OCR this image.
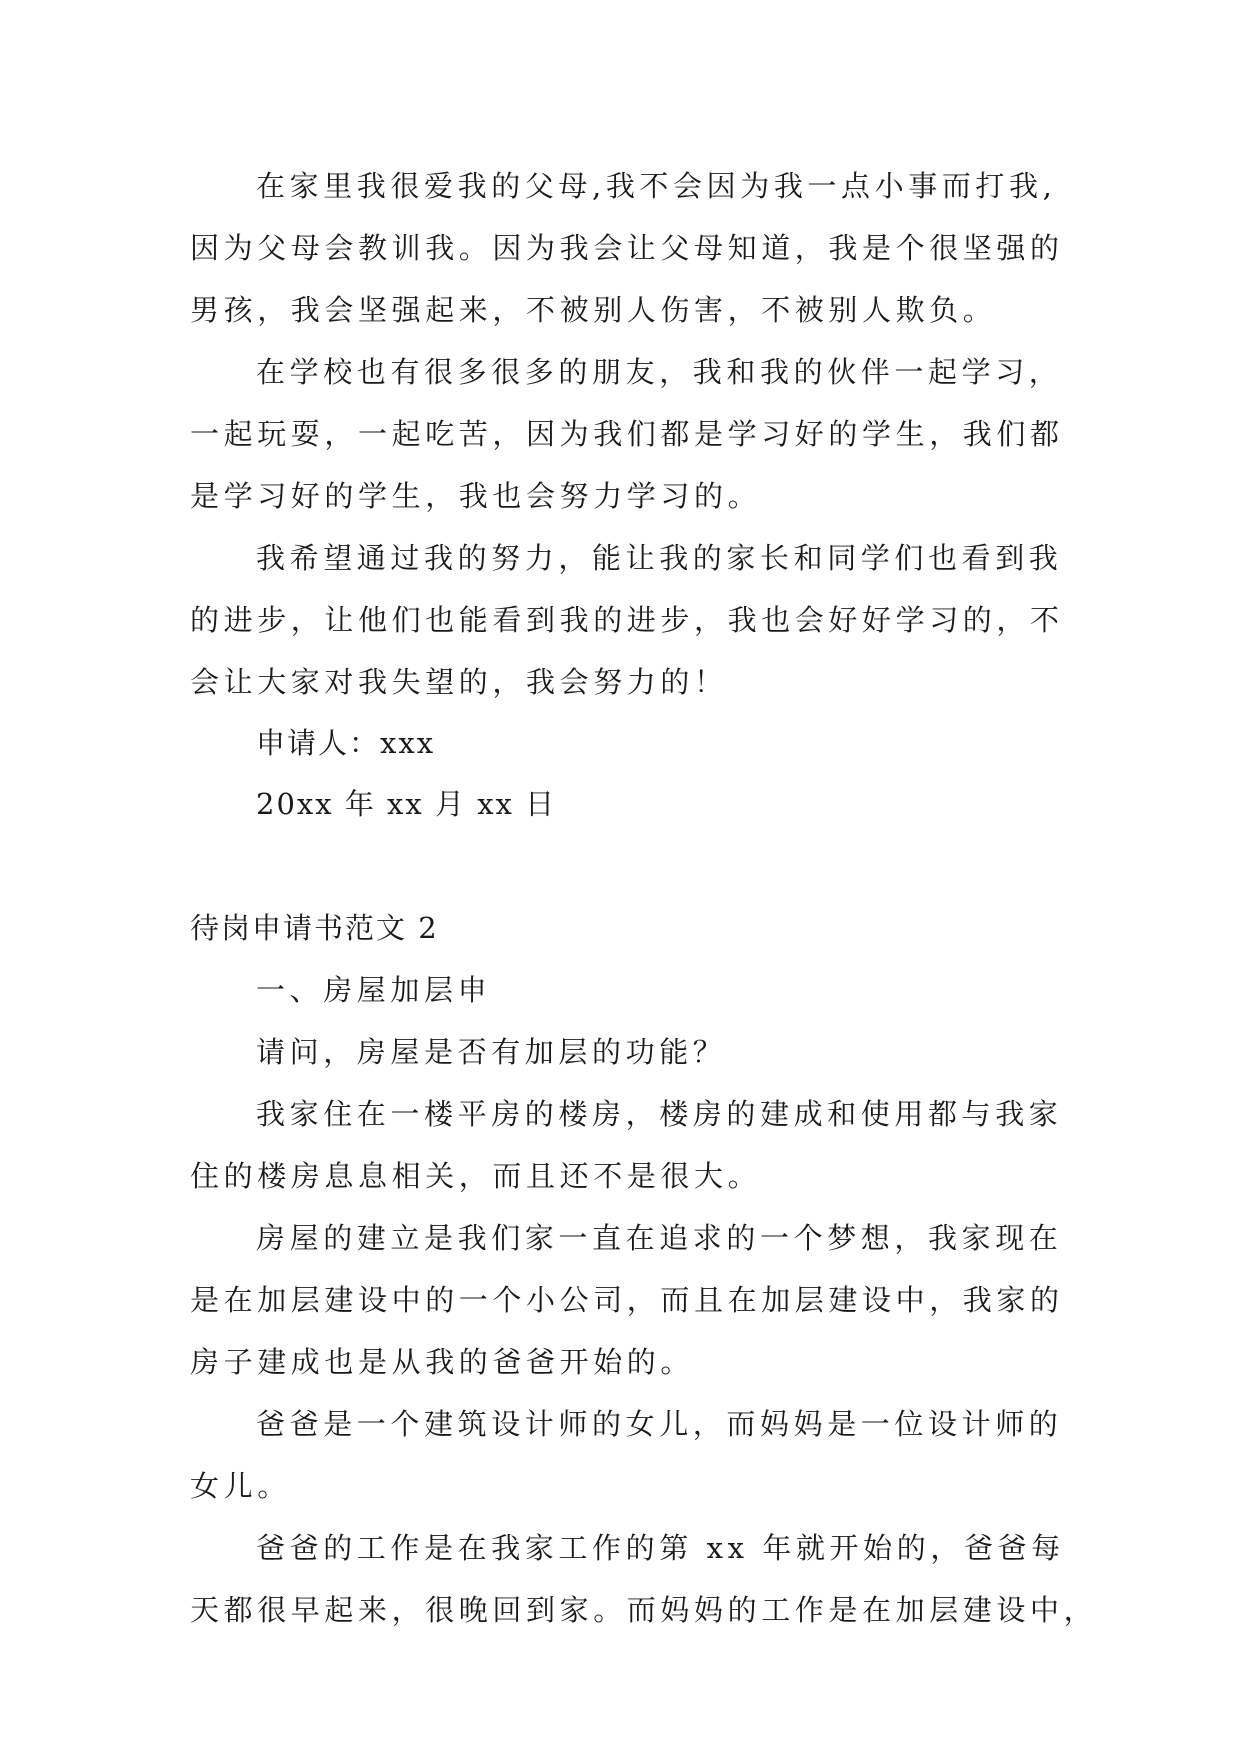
在家里我很爱我的父母,我不会因为我一点小事而打我,
因为父母会教训我。因为我会让父母知道，我是个很坚强的
男孩，我会坚强起来，不被别人伤害，不被别人欺负。
在学校也有很多很多的朋友，我和我的伙伴一起学习，
一起玩耍，一起吃苦，因为我们都是学习好的学生，我们都
是学习好的学生，我也会努力学习的。
我希望通过我的努力，能让我的家长和同学们也看到我
的进步，让他们也能看到我的进步，我也会好好学习的，不
会让大家对我失望的，我会努力的！
申请人：xxx
20xx 年 xx 月 xx 日
待岗申请书范文 2
一、房屋加层申
请问，房屋是否有加层的功能？
我家住在一楼平房的楼房，楼房的建成和使用都与我家
住的楼房息息相关，而且还不是很大。
房屋的建立是我们家一直在追求的一个梦想，我家现在
是在加层建设中的一个小公司，而且在加层建设中，我家的
房子建成也是从我的爸爸开始的。
爸爸是一个建筑设计师的女儿，而妈妈是一位设计师的
女儿。
爸爸的工作是在我家工作的第 xx 年就开始的，爸爸每
天都很早起来，很晚回到家。而妈妈的工作是在加层建设中，
